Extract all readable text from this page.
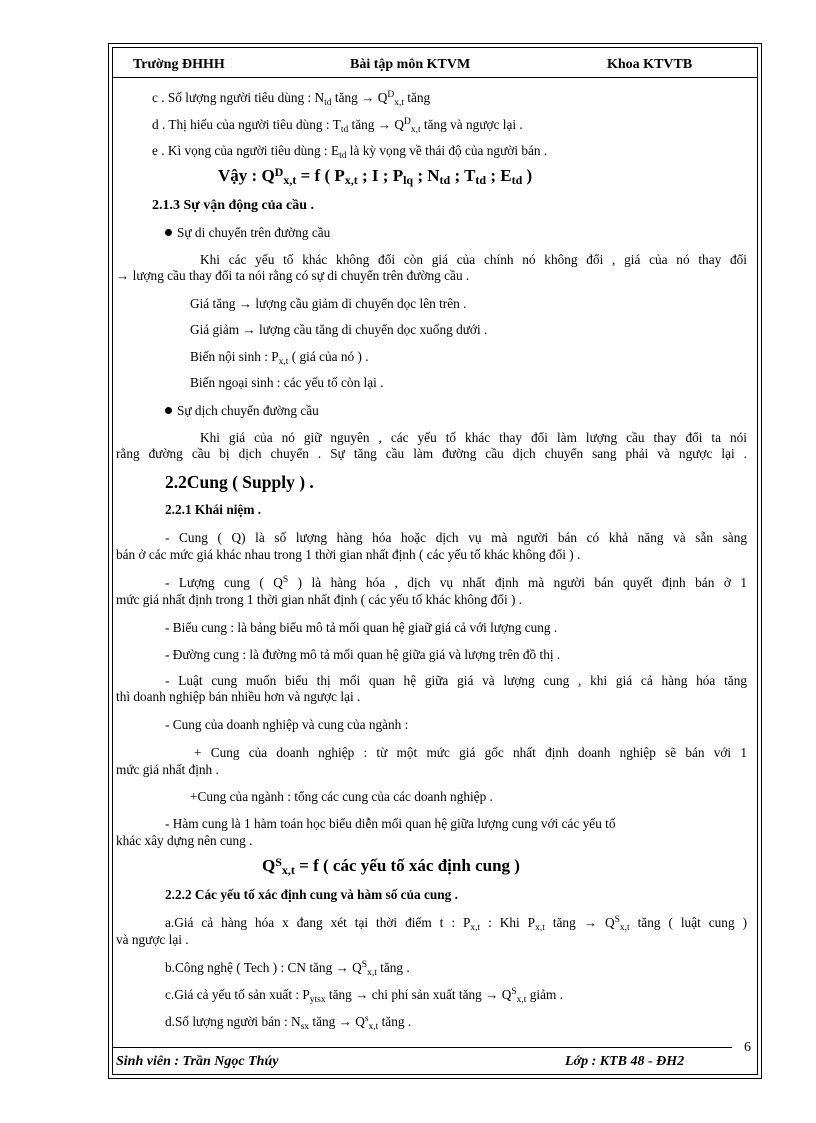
Trường ĐHHH	Bài tập môn KTVM	Khoa KTVTB
c . Số lượng người tiêu dùng : $N_{td}$ tăng → $Q^D_{x,t}$ tăng
d . Thị hiếu của người tiêu dùng : $T_{td}$ tăng → $Q^D_{x,t}$ tăng và ngược lại .
e . Kì vọng của người tiêu dùng : $E_{td}$ là kỳ vọng về thái độ của người bán .
Vậy : $Q^D_{x,t} = f$ ( $P_{x,t}$ ; I ; $P_{lq}$ ; $N_{td}$ ; $T_{td}$ ; $E_{td}$ )
2.1.3 Sự vận động của cầu .
Sự di chuyển trên đường cầu
Khi các yếu tố khác không đổi còn giá của chính nó không đổi , giá của nó thay đổi
→ lượng cầu thay đổi ta nói rằng có sự di chuyển trên đường cầu .
Giá tăng → lượng cầu giảm di chuyển dọc lên trên .
Giá giảm → lượng cầu tăng di chuyển dọc xuống dưới .
Biến nội sinh : $P_{x,t}$ ( giá của nó ) .
Biến ngoại sinh : các yếu tố còn lại .
Sự dịch chuyển đường cầu
Khi giá của nó giữ nguyên , các yếu tố khác thay đổi làm lượng cầu thay đổi ta nói
rằng đường cầu bị dịch chuyển . Sự tăng cầu làm đường cầu dịch chuyển sang phải và ngược lại .
2.2Cung ( Supply ) .
2.2.1 Khái niệm .
- Cung ( Q) là số lượng hàng hóa hoặc dịch vụ mà người bán có khả năng và sẵn sàng
bán ở các mức giá khác nhau trong 1 thời gian nhất định ( các yếu tố khác không đổi ) .
- Lượng cung ( $Q^S$ ) là hàng hóa , dịch vụ nhất định mà người bán quyết định bán ở 1
mức giá nhất định trong 1 thời gian nhất định ( các yếu tố khác không đổi ) .
- Biểu cung : là bảng biểu mô tả mối quan hệ giaữ giá cả với lượng cung .
- Đường cung : là đường mô tả mối quan hệ giữa giá và lượng trên đồ thị .
- Luật cung muốn biểu thị mối quan hệ giữa giá và lượng cung , khi giá cả hàng hóa tăng
thì doanh nghiệp bán nhiều hơn và ngược lại .
- Cung của doanh nghiệp và cung của ngành :
+ Cung của doanh nghiệp : từ một mức giá gốc nhất định doanh nghiệp sẽ bán với 1
mức giá nhất định .
+Cung của ngành : tổng các cung của các doanh nghiệp .
- Hàm cung là 1 hàm toán học biểu diễn mối quan hệ giữa lượng cung với các yếu tố
khác xây dựng nên cung .
$Q^S_{x,t} = f$ ( các yếu tố xác định cung )
2.2.2 Các yếu tố xác định cung và hàm số của cung .
a.Giá cả hàng hóa x đang xét tại thời điểm t : $P_{x,t}$ : Khi $P_{x,t}$ tăng → $Q^S_{x,t}$ tăng ( luật cung )
và ngược lại .
b.Công nghệ ( Tech ) : CN tăng → $Q^S_{x,t}$ tăng .
c.Giá cả yếu tố sản xuất : $P_{ytsx}$ tăng → chi phí sản xuất tăng → $Q^S_{x,t}$ giảm .
d.Số lượng người bán : $N_{sx}$ tăng → $Q^s_{x,t}$ tăng .
6
Sinh viên : Trần Ngọc Thúy	Lớp : KTB 48 - ĐH2
